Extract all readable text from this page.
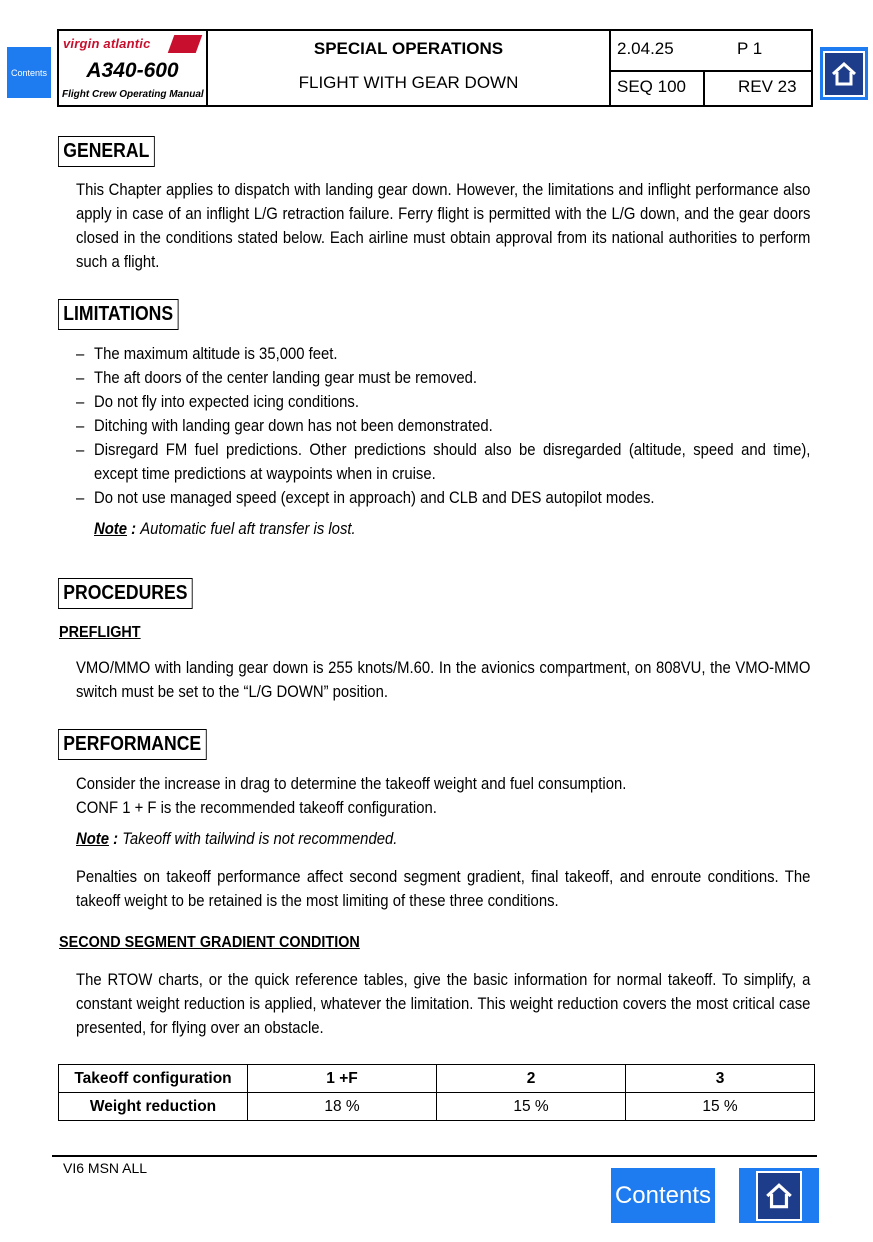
Contents
virgin atlantic
A340-600
Flight Crew Operating Manual
SPECIAL OPERATIONS
FLIGHT WITH GEAR DOWN
2.04.25	P 1
SEQ 100	REV 23
GENERAL

This Chapter applies to dispatch with landing gear down. However, the limitations and inflight performance also apply in case of an inflight L/G retraction failure. Ferry flight is permitted with the L/G down, and the gear doors closed in the conditions stated below. Each airline must obtain approval from its national authorities to perform such a flight.

LIMITATIONS
– The maximum altitude is 35,000 feet.
– The aft doors of the center landing gear must be removed.
– Do not fly into expected icing conditions.
– Ditching with landing gear down has not been demonstrated.
– Disregard FM fuel predictions. Other predictions should also be disregarded (altitude, speed and time), except time predictions at waypoints when in cruise.
– Do not use managed speed (except in approach) and CLB and DES autopilot modes.
Note : Automatic fuel aft transfer is lost.
PROCEDURES
PREFLIGHT

VMO/MMO with landing gear down is 255 knots/M.60. In the avionics compartment, on 808VU, the VMO-MMO switch must be set to the “L/G DOWN” position.

PERFORMANCE

Consider the increase in drag to determine the takeoff weight and fuel consumption.

CONF 1 + F is the recommended takeoff configuration.

Note : Takeoff with tailwind is not recommended.

Penalties on takeoff performance affect second segment gradient, final takeoff, and enroute conditions. The takeoff weight to be retained is the most limiting of these three conditions.

SECOND SEGMENT GRADIENT CONDITION

The RTOW charts, or the quick reference tables, give the basic information for normal takeoff. To simplify, a constant weight reduction is applied, whatever the limitation. This weight reduction covers the most critical case presented, for flying over an obstacle.

Takeoff configuration	1 +F	2	3
Weight reduction	18 %	15 %	15 %
VI6 MSN ALL
Contents
